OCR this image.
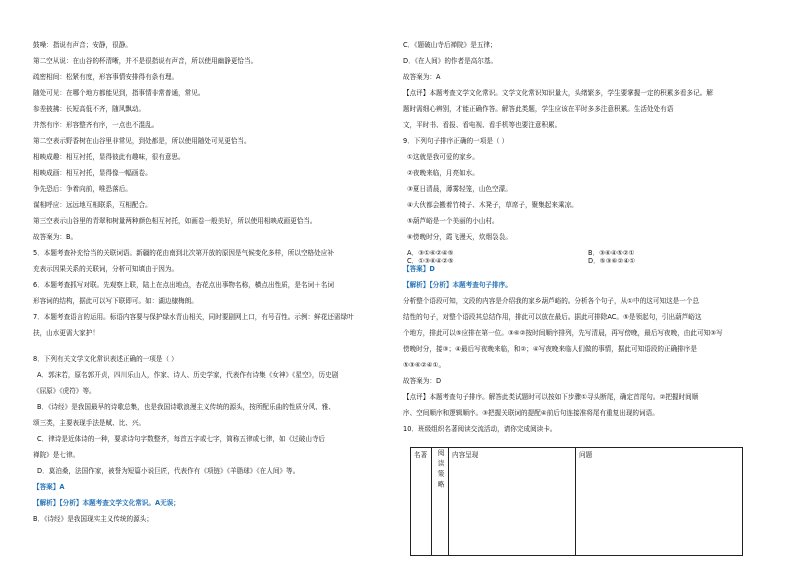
鼓噪：指说有声音；安静，很静。
第二空从说：在山谷的杯清晰，并不是很指说有声音，所以使用幽静更恰当。
疏密相间：松紧有度，形容事情安排得有条有理。
随处可见：在哪个地方都能见到，指事情非常普通，常见。
参差披拂：长短高低不齐，随风飘动。
井然有序：形容整齐有序，一点也不混乱。
第二空表示野香树在山谷里非常见，到处都是，所以使用随处可见更恰当。
相映成趣：相互衬托，显得彼此有趣味，很有意思。
相映成画：相互衬托，显得像一幅画卷。
争先恐后：争着向前，唯恐落后。
谋相呼应：远远地互相联系，互相配合。
第三空表示山谷里的青翠和树量两种颜色相互衬托，如画卷一般美好，所以使用相映成画更恰当。
故答案为：B。
5．本题考查补充恰当的关联词语。新疆的花由南到北次第开放的原因是气候变化多样，所以空格处应补
充表示因果关系的关联词，分析可知填由于因为。
6．本题考查抓写对联。先观察上联，陆上在点出地点，杏花点出事物名称，横点出性质，是名词＋名词
形容词的结构，据此可以写下联即可。如：湖边棣梅朗。
7．本题考查语言的运用。标语内容要与保护绿水青山相关，同时要剧网上口，有号召性。示例：鲜花还需绿叶
扶，山水更需大家护！
8．下列有关文学文化常识表述正确的一项是（ ）
A．郭沫若，原名郭开贞，四川乐山人，作家、诗人、历史学家，代表作有诗集《女神》《星空》，历史剧
《屈原》《虎符》等。
B．《诗经》是我国最早的诗歌总集，也是我国诗歌浪漫主义传统的源头，按所配乐曲的性质分风、雅、
颂三类，主要表现手法是赋、比、兴。
C．律诗是近体诗的一种，要求诗句字数整齐，每首五字或七字，简称五律或七律，如《过破山寺后
禅院》是七律。
D．莫泊桑，法国作家，被誉为短篇小说巨匠，代表作有《项链》《羊脂球》《在人间》等。
【答案】A
【解析】【分析】本题考查文学文化常识。A无误；
B．《诗经》是我国现实主义传统的源头；
A．③①⑥②④⑤	B．③⑥④⑤②①
C．①③⑥④②⑤	D．⑤③⑥②④①
名著	阅读策略	内容呈现	问题
C．《题破山寺后禅院》是五律；
D．《在人间》的作者是高尔基。
故答案为：A
【点评】本题考查文学文化常识。文学文化常识知识量大，头绪繁多，学生要掌握一定的积累多看多记。解
题时需细心辨别，才能正确作答。解答此类题，学生应该在平时多多注意积累。生活处处有语
文，平时书、看报、看电视、看手机等也要注意积累。
9．下列句子排序正确的一项是（ ）
①这就是我可爱的家乡。
②夜晚来临，月亮如水。
③夏日清晨，薄雾轻笼，山色空濛。
④大伙都会搬着竹椅子、木凳子，草席子，聚集起来乘凉。
⑤葫芦峪是一个美丽的小山村。
⑥傍晚时分，霞飞漫天，炊烟袅袅。
【答案】D
【解析】【分析】本题考查句子排序。
分析整个语段可知，文段的内容是介绍我的家乡葫芦峪的。分析各个句子，从①中的这可知这是一个总
结性的句子，对整个语段其总结作用，排此可以放在最后。据此可排除AC。⑤是领起句，引出葫芦峪这
个地方，排此可以⑤应排在第一位。③⑥②按时间顺序排列，先写清晨，再写傍晚，最后写夜晚，由此可知③写
傍晚时分，接③；④最后写夜晚来临，和②；④写夜晚来临人们做的事情，据此可知语段的正确排序是
⑤③⑥②④①。
故答案为：D
【点评】本题考查句子排序。解答此类试题时可以按如下步骤①寻头断尾，确定首尾句。②把握时间顺
序、空间顺序和逻辑顺序。③把握关联词的提配④前后句连接准将尾有重复出现的词语。
10．班级组织名著阅读交流活动，请你完成阅读卡。
